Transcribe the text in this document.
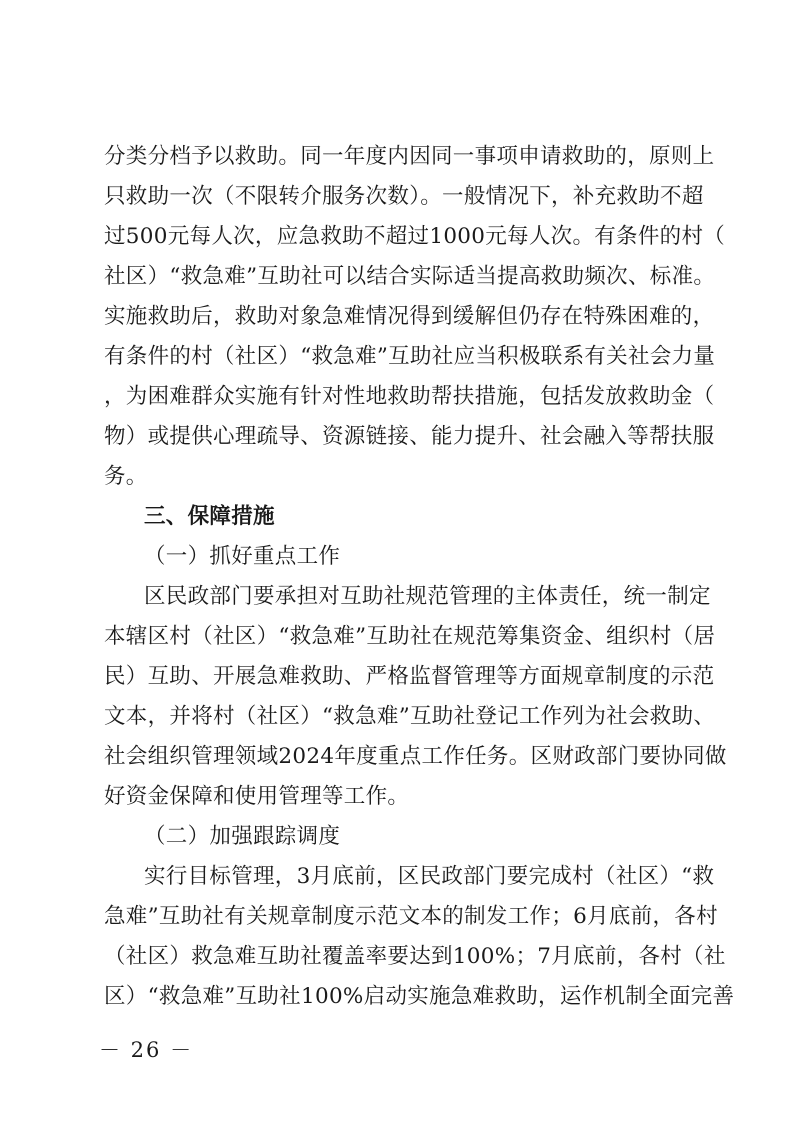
分类分档予以救助。同一年度内因同一事项申请救助的，原则上
只救助一次（不限转介服务次数）。一般情况下，补充救助不超
过500元每人次，应急救助不超过1000元每人次。有条件的村（
社区）“救急难”互助社可以结合实际适当提高救助频次、标准。
实施救助后，救助对象急难情况得到缓解但仍存在特殊困难的，
有条件的村（社区）“救急难”互助社应当积极联系有关社会力量
，为困难群众实施有针对性地救助帮扶措施，包括发放救助金（
物）或提供心理疏导、资源链接、能力提升、社会融入等帮扶服
务。
三、保障措施
（一）抓好重点工作
区民政部门要承担对互助社规范管理的主体责任，统一制定
本辖区村（社区）“救急难”互助社在规范筹集资金、组织村（居
民）互助、开展急难救助、严格监督管理等方面规章制度的示范
文本，并将村（社区）“救急难”互助社登记工作列为社会救助、
社会组织管理领域2024年度重点工作任务。区财政部门要协同做
好资金保障和使用管理等工作。
（二）加强跟踪调度
实行目标管理，3月底前，区民政部门要完成村（社区）“救
急难”互助社有关规章制度示范文本的制发工作；6月底前，各村
（社区）救急难互助社覆盖率要达到100%；7月底前，各村（社
区）“救急难”互助社100%启动实施急难救助，运作机制全面完善
－ 26 －
